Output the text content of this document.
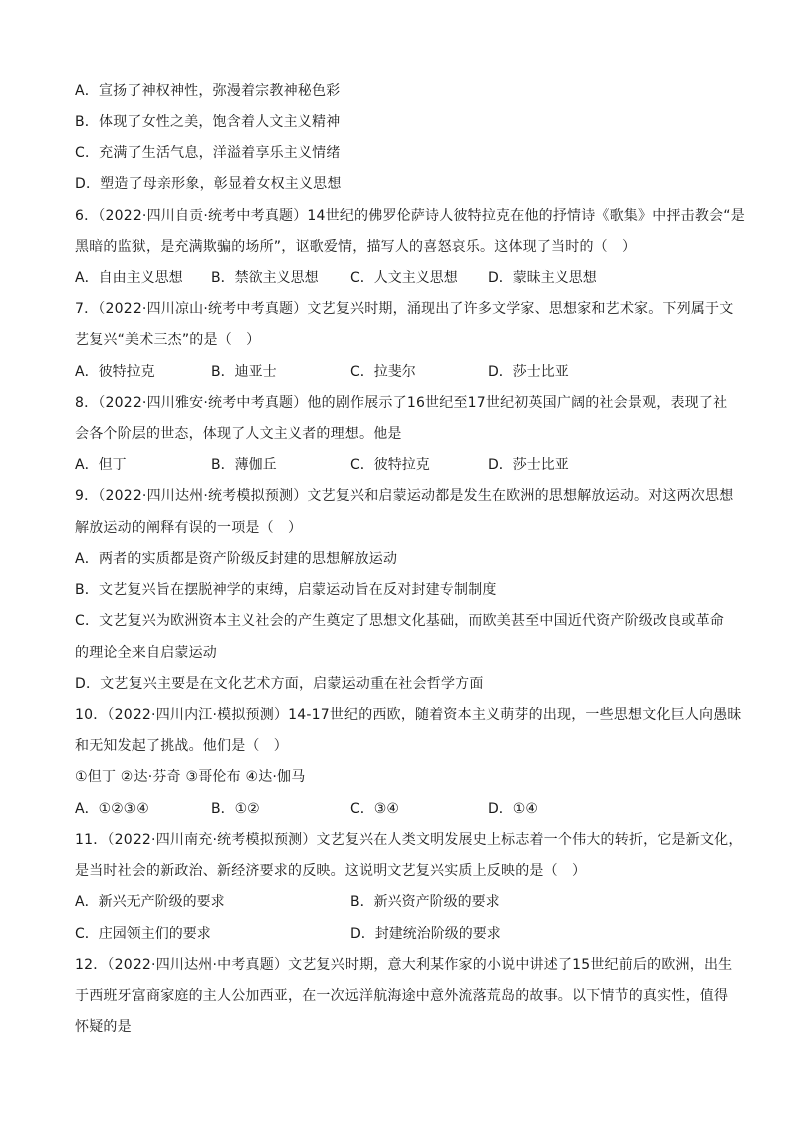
A．宣扬了神权神性，弥漫着宗教神秘色彩
B．体现了女性之美，饱含着人文主义精神
C．充满了生活气息，洋溢着享乐主义情绪
D．塑造了母亲形象，彰显着女权主义思想
6．（2022·四川自贡·统考中考真题）14世纪的佛罗伦萨诗人彼特拉克在他的抒情诗《歌集》中抨击教会“是
黑暗的监狱，是充满欺骗的场所”，讴歌爱情，描写人的喜怒哀乐。这体现了当时的（　）
A．自由主义思想 B．禁欲主义思想 C．人文主义思想 D．蒙昧主义思想
7．（2022·四川凉山·统考中考真题）文艺复兴时期，涌现出了许多文学家、思想家和艺术家。下列属于文
艺复兴“美术三杰”的是（　）
A．彼特拉克	B．迪亚士	C．拉斐尔	D．莎士比亚
8．（2022·四川雅安·统考中考真题）他的剧作展示了16世纪至17世纪初英国广阔的社会景观，表现了社
会各个阶层的世态，体现了人文主义者的理想。他是
A．但丁	B．薄伽丘	C．彼特拉克	D．莎士比亚
9．（2022·四川达州·统考模拟预测）文艺复兴和启蒙运动都是发生在欧洲的思想解放运动。对这两次思想
解放运动的阐释有误的一项是（　）
A．两者的实质都是资产阶级反封建的思想解放运动
B．文艺复兴旨在摆脱神学的束缚，启蒙运动旨在反对封建专制制度
C．文艺复兴为欧洲资本主义社会的产生奠定了思想文化基础，而欧美甚至中国近代资产阶级改良或革命
的理论全来自启蒙运动
D．文艺复兴主要是在文化艺术方面，启蒙运动重在社会哲学方面
10．（2022·四川内江·模拟预测）14-17世纪的西欧，随着资本主义萌芽的出现，一些思想文化巨人向愚昧
和无知发起了挑战。他们是（　）
①但丁 ②达·芬奇 ③哥伦布 ④达·伽马
A．①②③④	B．①②	C．③④	D．①④
11．（2022·四川南充·统考模拟预测）文艺复兴在人类文明发展史上标志着一个伟大的转折，它是新文化，
是当时社会的新政治、新经济要求的反映。这说明文艺复兴实质上反映的是（　）
A．新兴无产阶级的要求	B．新兴资产阶级的要求
C．庄园领主们的要求	D．封建统治阶级的要求
12．（2022·四川达州·中考真题）文艺复兴时期，意大利某作家的小说中讲述了15世纪前后的欧洲，出生
于西班牙富商家庭的主人公加西亚，在一次远洋航海途中意外流落荒岛的故事。以下情节的真实性，值得
怀疑的是
